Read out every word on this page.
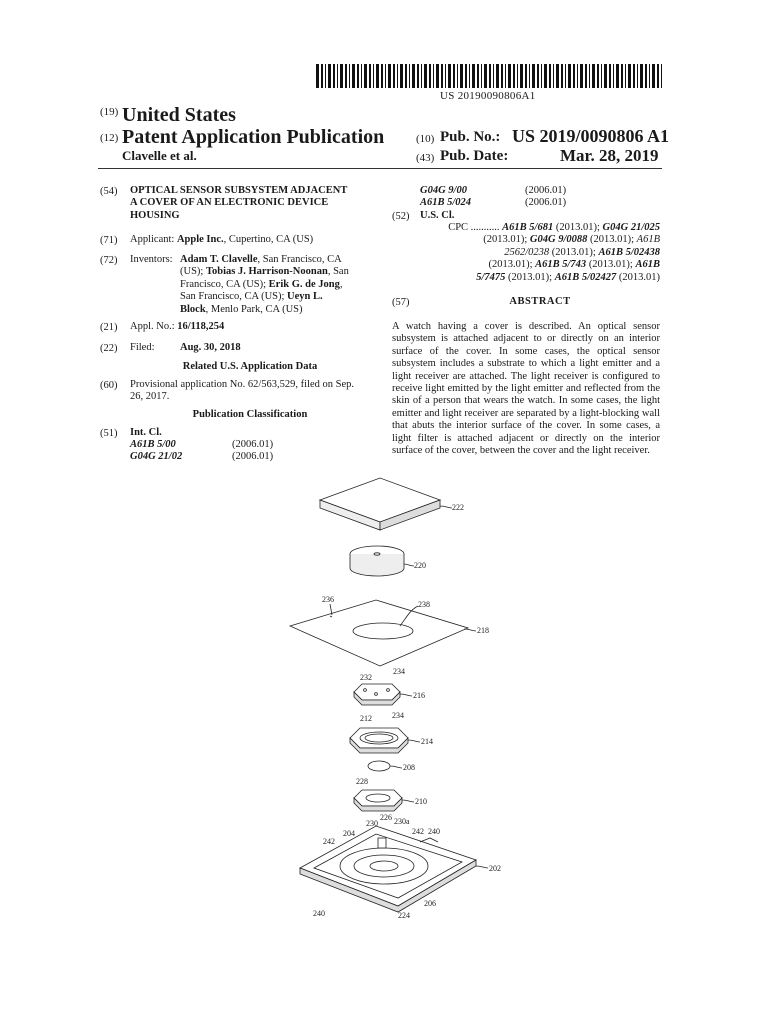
US 20190090806A1
(19) United States
(12) Patent Application Publication
Clavelle et al.
(10) Pub. No.: US 2019/0090806 A1
(43) Pub. Date:	Mar. 28, 2019
(54) OPTICAL SENSOR SUBSYSTEM ADJACENT
A COVER OF AN ELECTRONIC DEVICE
HOUSING
(71) Applicant: Apple Inc., Cupertino, CA (US)
(72) Inventors: Adam T. Clavelle, San Francisco, CA
(US); Tobias J. Harrison-Noonan, San
Francisco, CA (US); Erik G. de Jong,
San Francisco, CA (US); Ueyn L.
Block, Menlo Park, CA (US)
(21) Appl. No.: 16/118,254
(22) Filed: Aug. 30, 2018
Related U.S. Application Data
(60) Provisional application No. 62/563,529, filed on Sep.
26, 2017.
Publication Classification
(51) Int. Cl.
A61B 5/00	(2006.01)
G04G 21/02	(2006.01)
G04G 9/00	(2006.01)
A61B 5/024	(2006.01)
(52) U.S. Cl.
CPC ........... A61B 5/681 (2013.01); G04G 21/025
(2013.01); G04G 9/0088 (2013.01); A61B
2562/0238 (2013.01); A61B 5/02438
(2013.01); A61B 5/743 (2013.01); A61B
5/7475 (2013.01); A61B 5/02427 (2013.01)
(57)	ABSTRACT
A watch having a cover is described. An optical sensor subsystem is attached adjacent to or directly on an interior surface of the cover. In some cases, the optical sensor subsystem includes a substrate to which a light emitter and a light receiver are attached. The light receiver is configured to receive light emitted by the light emitter and reflected from the skin of a person that wears the watch. In some cases, the light emitter and light receiver are separated by a light-blocking wall that abuts the interior surface of the cover. In some cases, a light filter is attached adjacent or directly on the interior surface of the cover, between the cover and the light receiver.
222
220
236
238
218
234
232
216
212	234
214
208
228
210
226
230 230a
204
242
242 240
202
206
240	224
